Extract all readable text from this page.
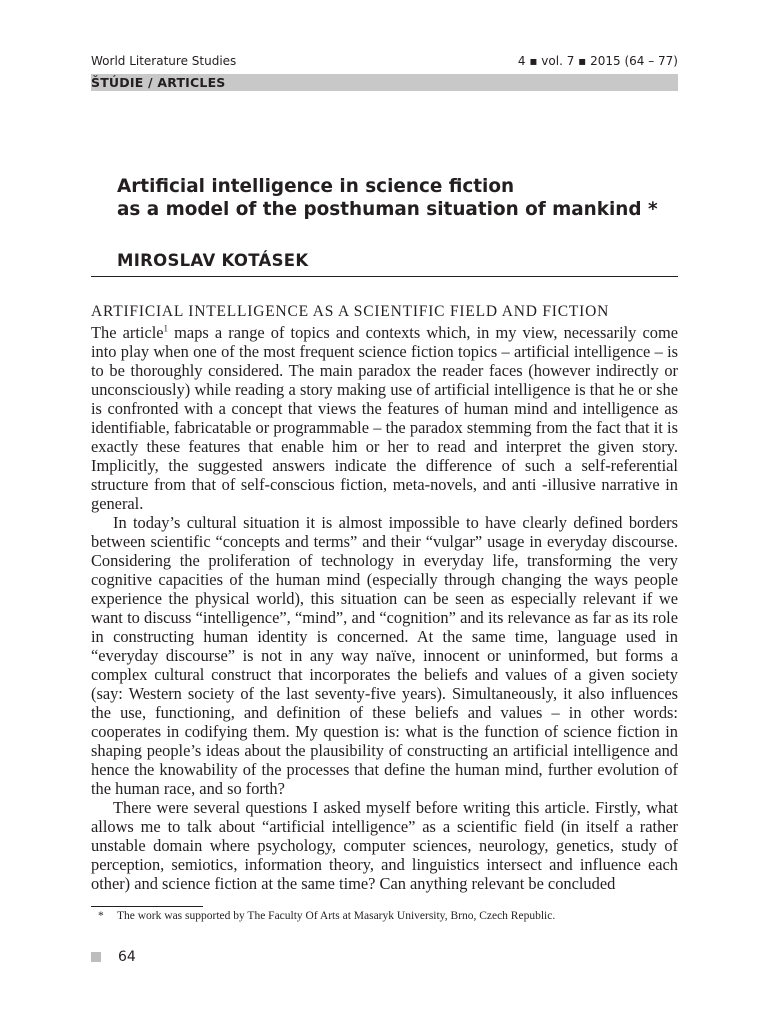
World Literature Studies	4 ▪ vol. 7 ▪ 2015 (64 – 77)
ŠTÚDIE / ARTICLES
Artificial intelligence in science fiction
as a model of the posthuman situation of mankind *
MIROSLAV KOTÁSEK
ARTIFICIAL INTELLIGENCE AS A SCIENTIFIC FIELD AND FICTION

The article$^1$ maps a range of topics and contexts which, in my view, necessarily come into play when one of the most frequent science fiction topics – artificial intelligence – is to be thoroughly considered. The main paradox the reader faces (however indirectly or unconsciously) while reading a story making use of artificial intelligence is that he or she is confronted with a concept that views the features of human mind and intelligence as identifiable, fabricatable or programmable – the paradox stemming from the fact that it is exactly these features that enable him or her to read and interpret the given story. Implicitly, the suggested answers indicate the difference of such a self-referential structure from that of self-conscious fiction, meta-novels, and anti -illusive narrative in general.

In today’s cultural situation it is almost impossible to have clearly defined borders between scientific “concepts and terms” and their “vulgar” usage in everyday discourse. Considering the proliferation of technology in everyday life, transforming the very cognitive capacities of the human mind (especially through changing the ways people experience the physical world), this situation can be seen as especially relevant if we want to discuss “intelligence”, “mind”, and “cognition” and its relevance as far as its role in constructing human identity is concerned. At the same time, language used in “everyday discourse” is not in any way naïve, innocent or uninformed, but forms a complex cultural construct that incorporates the beliefs and values of a given society (say: Western society of the last seventy-five years). Simultaneously, it also influences the use, functioning, and definition of these beliefs and values – in other words: cooperates in codifying them. My question is: what is the function of science fiction in shaping people’s ideas about the plausibility of constructing an artificial intelligence and hence the knowability of the processes that define the human mind, further evolution of the human race, and so forth?

There were several questions I asked myself before writing this article. Firstly, what allows me to talk about “artificial intelligence” as a scientific field (in itself a rather unstable domain where psychology, computer sciences, neurology, genetics, study of perception, semiotics, information theory, and linguistics intersect and influence each other) and science fiction at the same time? Can anything relevant be concluded

* The work was supported by The Faculty Of Arts at Masaryk University, Brno, Czech Republic.
64
